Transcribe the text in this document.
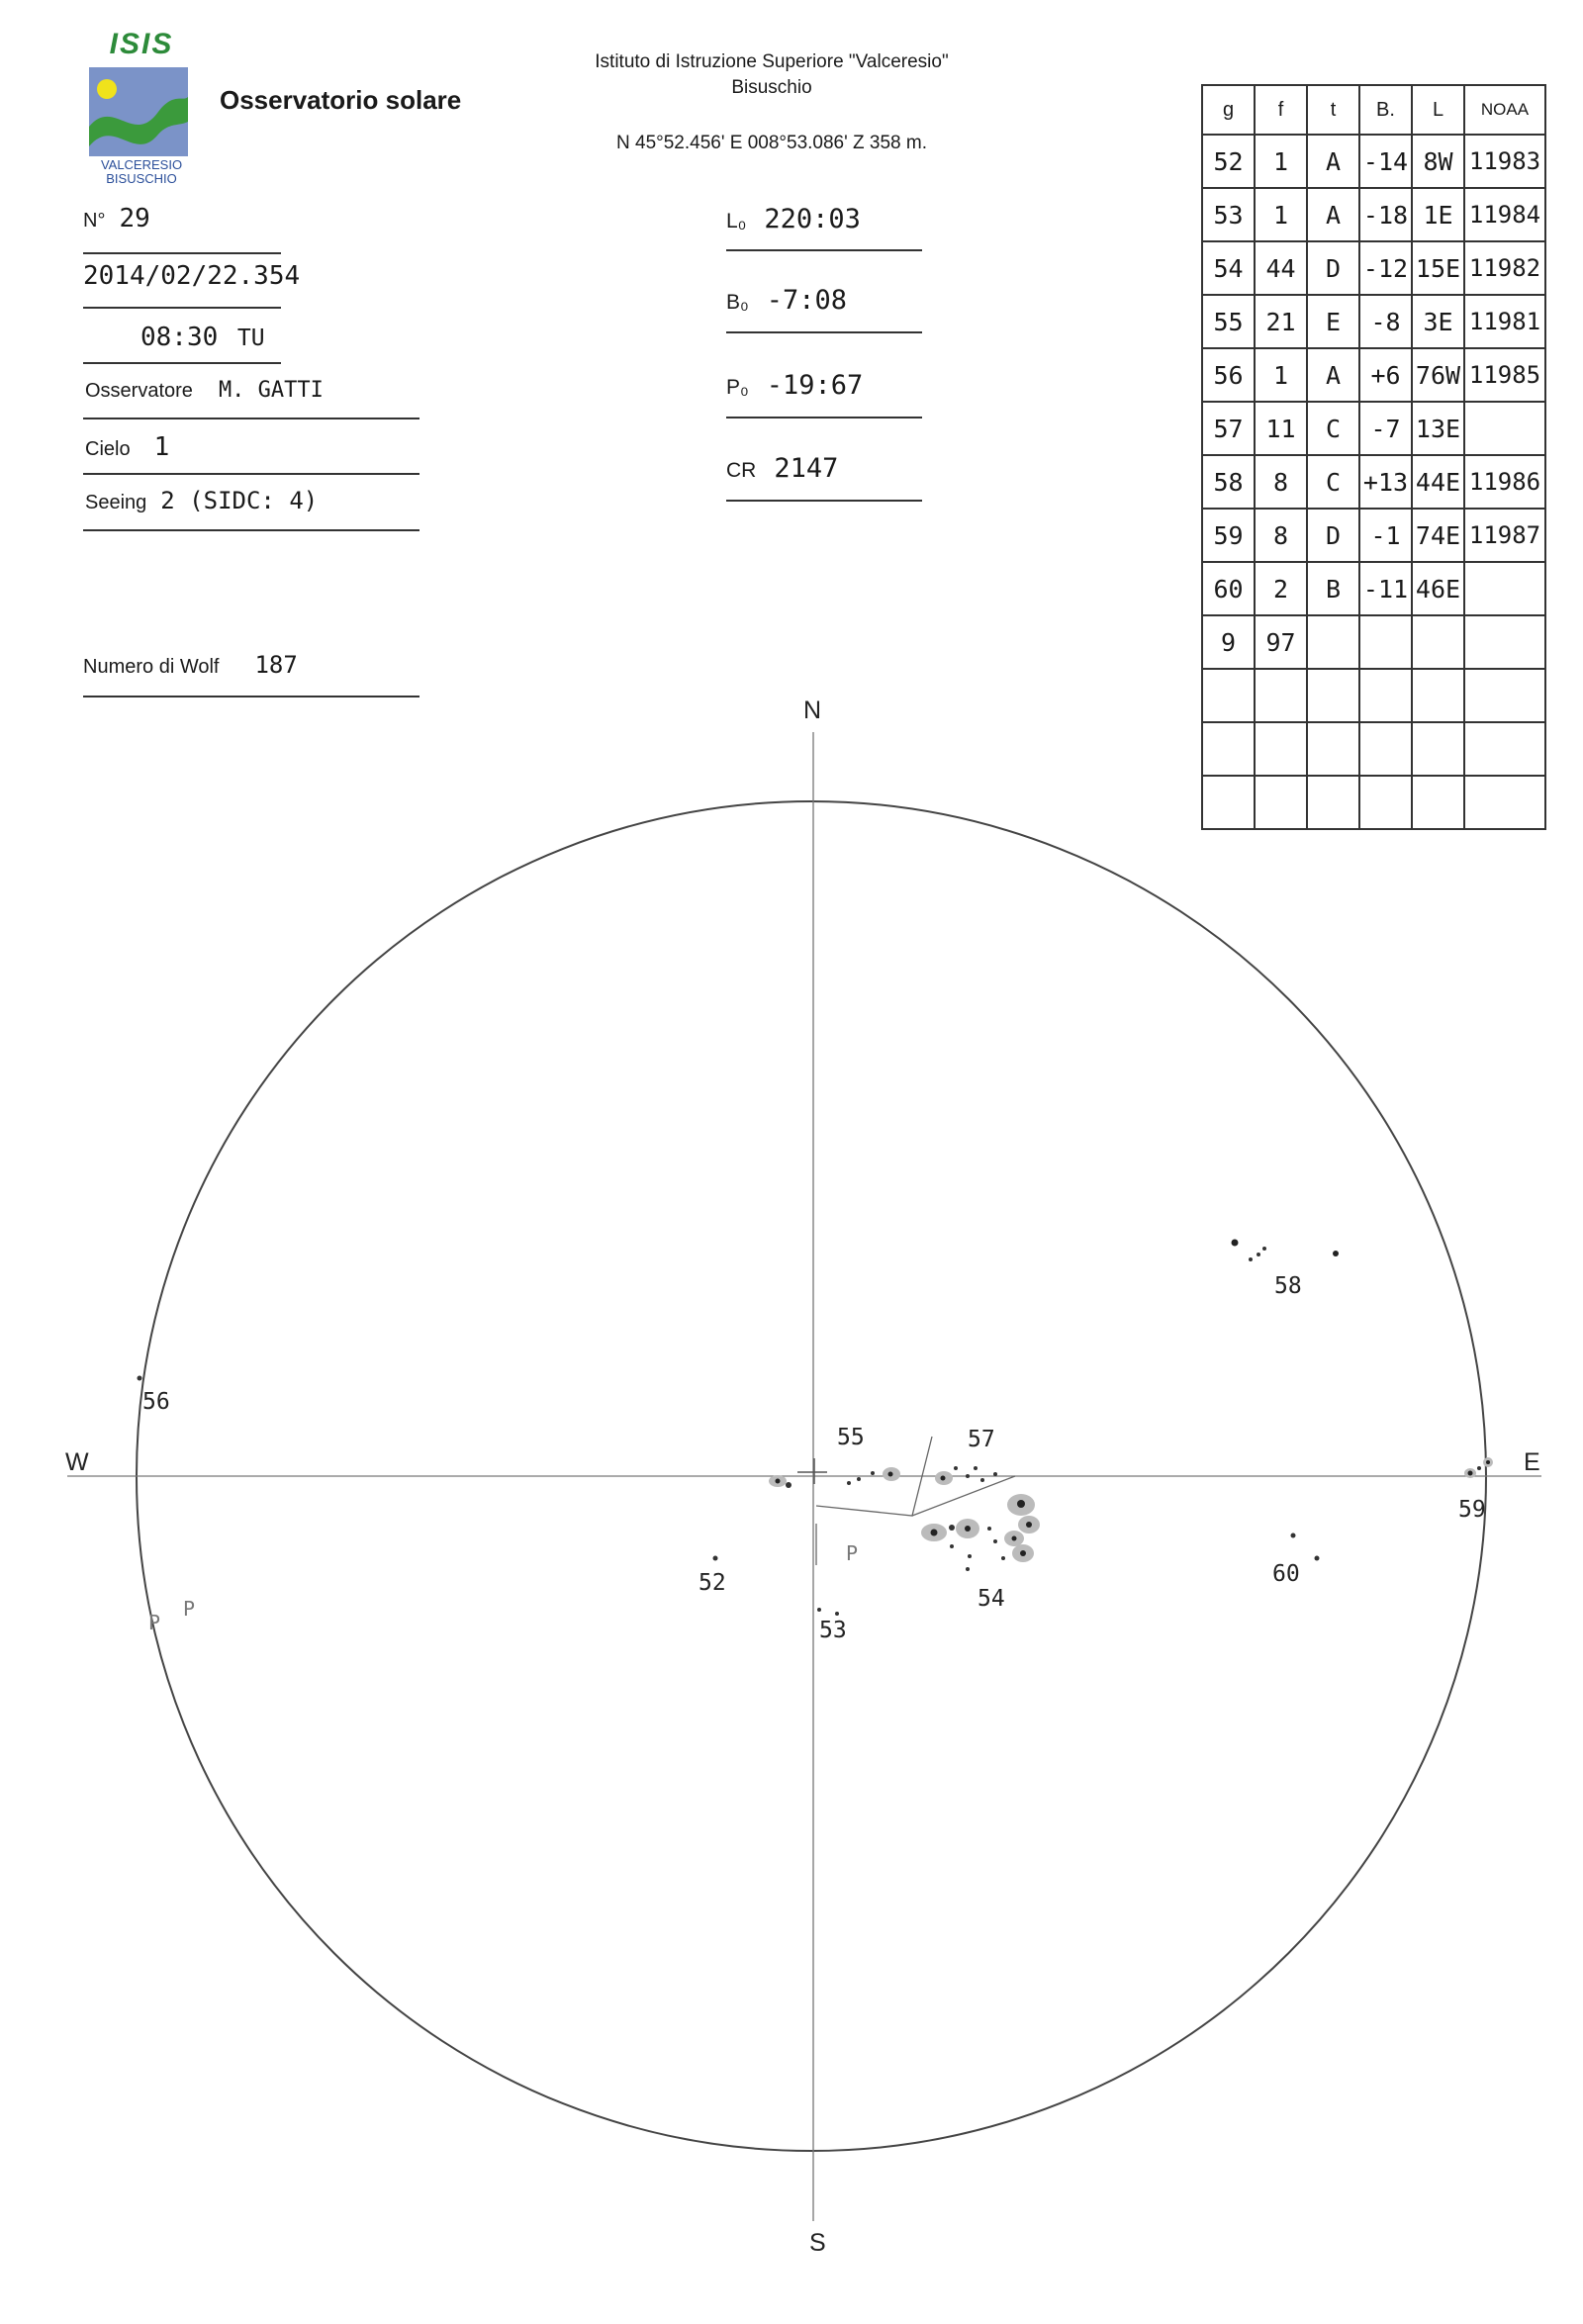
ISIS
VALCERESIO
BISUSCHIO
Osservatorio solare
Istituto di Istruzione Superiore "Valceresio"
Bisuschio
N 45°52.456' E 008°53.086' Z 358 m.
N° 29
2014/02/22.354
08:30 TU
Osservatore M. GATTI
Cielo 1
Seeing 2 (SIDC: 4)
Numero di Wolf 187
L₀ 220:03
B₀ -7:08
P₀ -19:67
CR 2147
g	f	t	B.	L	NOAA
52	1	A	-14	8W	11983
53	1	A	-18	1E	11984
54	44	D	-12	15E	11982
55	21	E	-8	3E	11981
56	1	A	+6	76W	11985
57	11	C	-7	13E	
58	8	C	+13	44E	11986
59	8	D	-1	74E	11987
60	2	B	-11	46E	
9	97				

N
S
W	E
55	57
54
52
53
56
58
59
60
P
P
P
